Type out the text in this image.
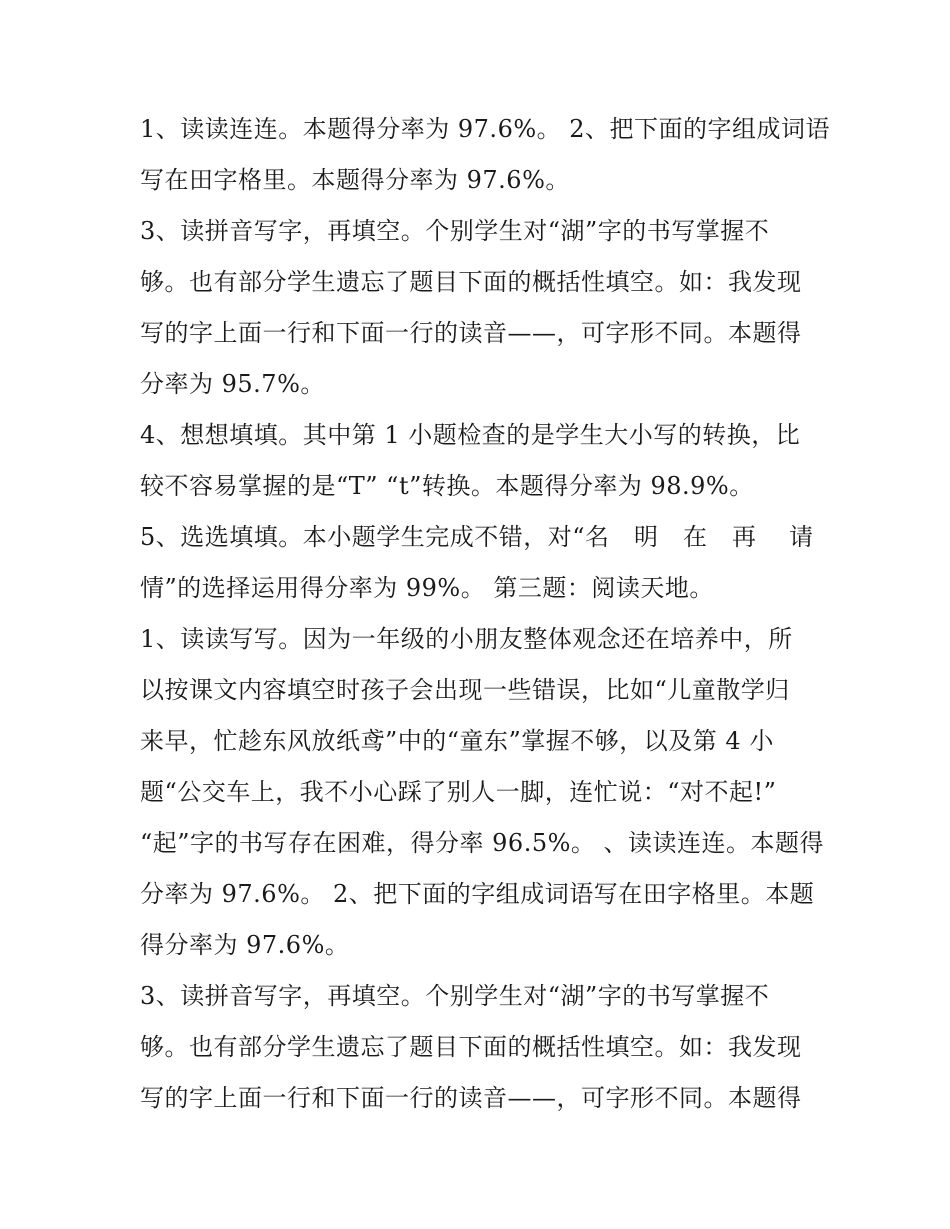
1、读读连连。本题得分率为 97.6%。 2、把下面的字组成词语
写在田字格里。本题得分率为 97.6%。
3、读拼音写字，再填空。个别学生对“湖”字的书写掌握不
够。也有部分学生遗忘了题目下面的概括性填空。如：我发现
写的字上面一行和下面一行的读音——，可字形不同。本题得
分率为 95.7%。
4、想想填填。其中第 1 小题检查的是学生大小写的转换，比
较不容易掌握的是“T” “t”转换。本题得分率为 98.9%。
5、选选填填。本小题学生完成不错，对“名　明　在　再　 请
情”的选择运用得分率为 99%。 第三题：阅读天地。
1、读读写写。因为一年级的小朋友整体观念还在培养中，所
以按课文内容填空时孩子会出现一些错误，比如“儿童散学归
来早，忙趁东风放纸鸢”中的“童东”掌握不够，以及第 4 小
题“公交车上，我不小心踩了别人一脚，连忙说：“对不起!”
“起”字的书写存在困难，得分率 96.5%。 、读读连连。本题得
分率为 97.6%。 2、把下面的字组成词语写在田字格里。本题
得分率为 97.6%。
3、读拼音写字，再填空。个别学生对“湖”字的书写掌握不
够。也有部分学生遗忘了题目下面的概括性填空。如：我发现
写的字上面一行和下面一行的读音——，可字形不同。本题得
